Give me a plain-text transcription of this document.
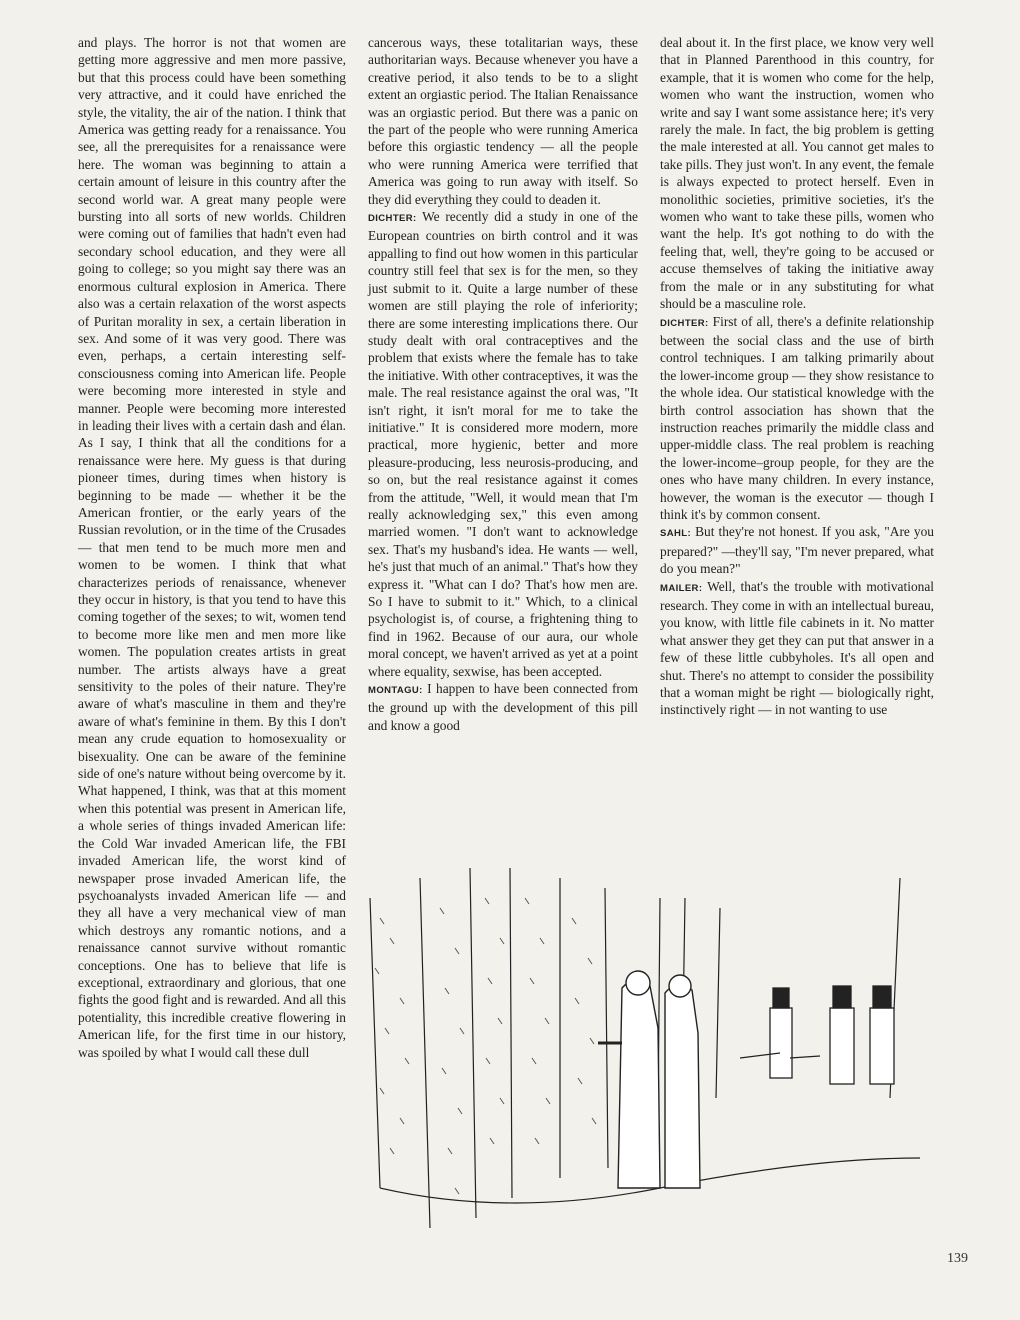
and plays. The horror is not that women are getting more aggressive and men more passive, but that this process could have been something very attractive, and it could have enriched the style, the vitality, the air of the nation. I think that America was getting ready for a renaissance. You see, all the prerequisites for a renaissance were here. The woman was beginning to attain a certain amount of leisure in this country after the second world war. A great many people were bursting into all sorts of new worlds. Children were coming out of families that hadn't even had secondary school education, and they were all going to college; so you might say there was an enormous cultural explosion in America. There also was a certain relaxation of the worst aspects of Puritan morality in sex, a certain liberation in sex. And some of it was very good. There was even, perhaps, a certain interesting self-consciousness coming into American life. People were becoming more interested in style and manner. People were becoming more interested in leading their lives with a certain dash and élan. As I say, I think that all the conditions for a renaissance were here. My guess is that during pioneer times, during times when history is beginning to be made — whether it be the American frontier, or the early years of the Russian revolution, or in the time of the Crusades — that men tend to be much more men and women to be women. I think that what characterizes periods of renaissance, whenever they occur in history, is that you tend to have this coming together of the sexes; to wit, women tend to become more like men and men more like women. The population creates artists in great number. The artists always have a great sensitivity to the poles of their nature. They're aware of what's masculine in them and they're aware of what's feminine in them. By this I don't mean any crude equation to homosexuality or bisexuality. One can be aware of the feminine side of one's nature without being overcome by it. What happened, I think, was that at this moment when this potential was present in American life, a whole series of things invaded American life: the Cold War invaded American life, the FBI invaded American life, the worst kind of newspaper prose invaded American life, the psychoanalysts invaded American life — and they all have a very mechanical view of man which destroys any romantic notions, and a renaissance cannot survive without romantic conceptions. One has to believe that life is exceptional, extraordinary and glorious, that one fights the good fight and is rewarded. And all this potentiality, this incredible creative flowering in American life, for the first time in our history, was spoiled by what I would call these dull

cancerous ways, these totalitarian ways, these authoritarian ways. Because whenever you have a creative period, it also tends to be to a slight extent an orgiastic period. The Italian Renaissance was an orgiastic period. But there was a panic on the part of the people who were running America before this orgiastic tendency — all the people who were running America were terrified that America was going to run away with itself. So they did everything they could to deaden it.

DICHTER: We recently did a study in one of the European countries on birth control and it was appalling to find out how women in this particular country still feel that sex is for the men, so they just submit to it. Quite a large number of these women are still playing the role of inferiority; there are some interesting implications there. Our study dealt with oral contraceptives and the problem that exists where the female has to take the initiative. With other contraceptives, it was the male. The real resistance against the oral was, "It isn't right, it isn't moral for me to take the initiative." It is considered more modern, more practical, more hygienic, better and more pleasure-producing, less neurosis-producing, and so on, but the real resistance against it comes from the attitude, "Well, it would mean that I'm really acknowledging sex," this even among married women. "I don't want to acknowledge sex. That's my husband's idea. He wants — well, he's just that much of an animal." That's how they express it. "What can I do? That's how men are. So I have to submit to it." Which, to a clinical psychologist is, of course, a frightening thing to find in 1962. Because of our aura, our whole moral concept, we haven't arrived as yet at a point where equality, sexwise, has been accepted.

MONTAGU: I happen to have been connected from the ground up with the development of this pill and know a good

deal about it. In the first place, we know very well that in Planned Parenthood in this country, for example, that it is women who come for the help, women who want the instruction, women who write and say I want some assistance here; it's very rarely the male. In fact, the big problem is getting the male interested at all. You cannot get males to take pills. They just won't. In any event, the female is always expected to protect herself. Even in monolithic societies, primitive societies, it's the women who want to take these pills, women who want the help. It's got nothing to do with the feeling that, well, they're going to be accused or accuse themselves of taking the initiative away from the male or in any substituting for what should be a masculine role.

DICHTER: First of all, there's a definite relationship between the social class and the use of birth control techniques. I am talking primarily about the lower-income group — they show resistance to the whole idea. Our statistical knowledge with the birth control association has shown that the instruction reaches primarily the middle class and upper-middle class. The real problem is reaching the lower-income–group people, for they are the ones who have many children. In every instance, however, the woman is the executor — though I think it's by common consent.

SAHL: But they're not honest. If you ask, "Are you prepared?" —they'll say, "I'm never prepared, what do you mean?"

MAILER: Well, that's the trouble with motivational research. They come in with an intellectual bureau, you know, with little file cabinets in it. No matter what answer they get they can put that answer in a few of these little cubbyholes. It's all open and shut. There's no attempt to consider the possibility that a woman might be right — biologically right, instinctively right — in not wanting to use

139
